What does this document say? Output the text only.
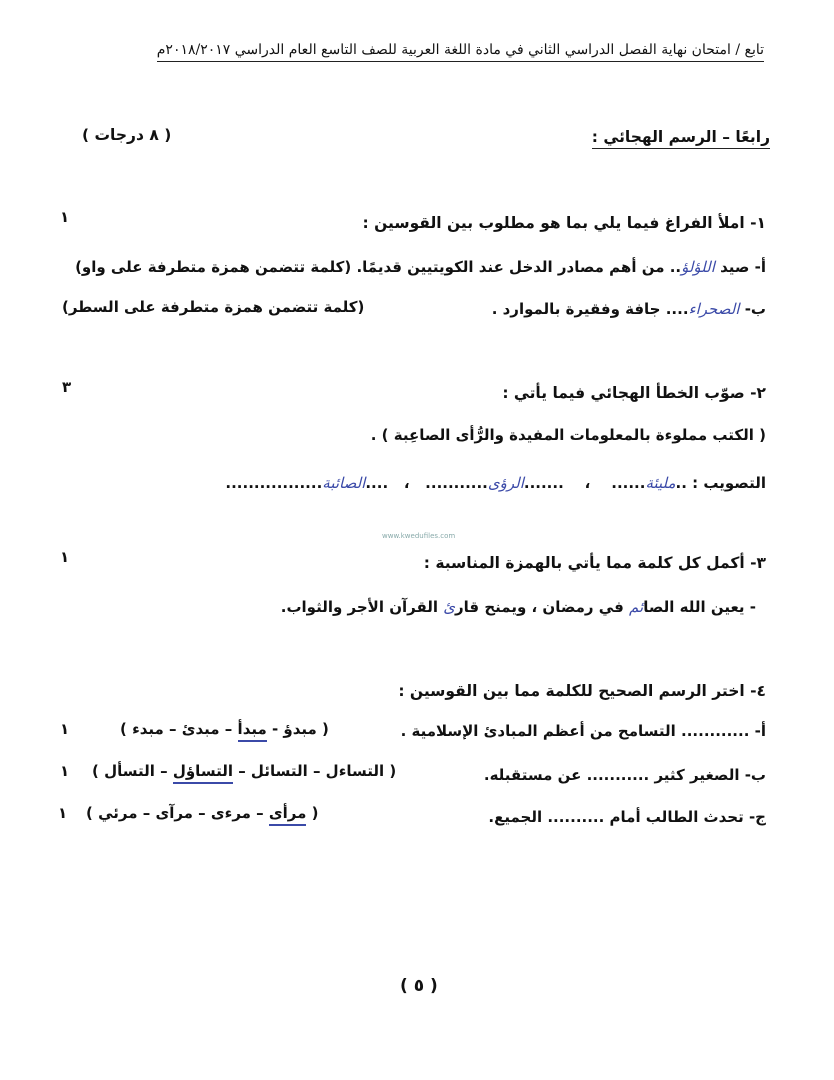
تابع / امتحان نهاية الفصل الدراسي الثاني في مادة اللغة العربية للصف التاسع العام الدراسي ٢٠١٨/٢٠١٧م
رابعًا – الرسم الهجائي :
( ٨ درجات )
١- املأ الفراغ فيما يلي بما هو مطلوب بين القوسين :
١
أ- صيد اللؤلؤ.. من أهم مصادر الدخل عند الكويتيين قديمًا. (كلمة تتضمن همزة متطرفة على واو)
ب- الصحراء.... جافة وفقيرة بالموارد .
(كلمة تتضمن همزة متطرفة على السطر)
٢- صوّب الخطأ الهجائي فيما يأتي :
٣
( الكتب مملوءة بالمعلومات المفيدة والرُّأى الصاعِبة ) .
التصويب : ..مليئة......    ،    .......الرؤى...........   ،   ....الصائبة.................
www.kwedufiles.com
٣- أكمل كل كلمة مما يأتي بالهمزة المناسبة :
١
- يعين الله الصائم في رمضان ، ويمنح قارئ القرآن الأجر والثواب.
٤- اختر الرسم الصحيح للكلمة مما بين القوسين :
أ- ............ التسامح من أعظم المبادئ الإسلامية .
( مبدؤ - مبدأ – مبدئ – مبدء )
١
ب- الصغير كثير ........... عن مستقبله.
( التساءل – التسائل – التساؤل – التسأل )
١
ج- تحدث الطالب أمام .......... الجميع.
( مرأى – مرءى – مرآى – مرئي )
١
( ٥ )
